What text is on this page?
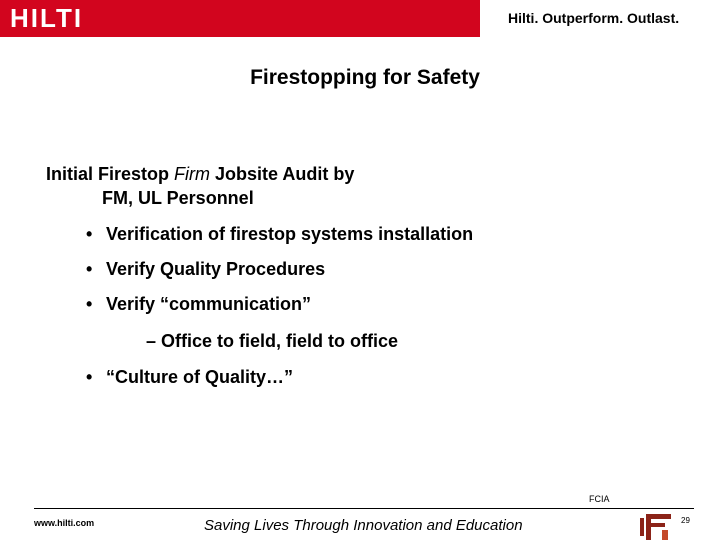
HILTI	Hilti. Outperform. Outlast.
Firestopping for Safety
Initial Firestop Firm Jobsite Audit by
FM, UL Personnel
• Verification of firestop systems installation
• Verify Quality Procedures
• Verify “communication”
– Office to field, field to office
• “Culture of Quality…”
FCIA
www.hilti.com	Saving Lives Through Innovation and Education	29
